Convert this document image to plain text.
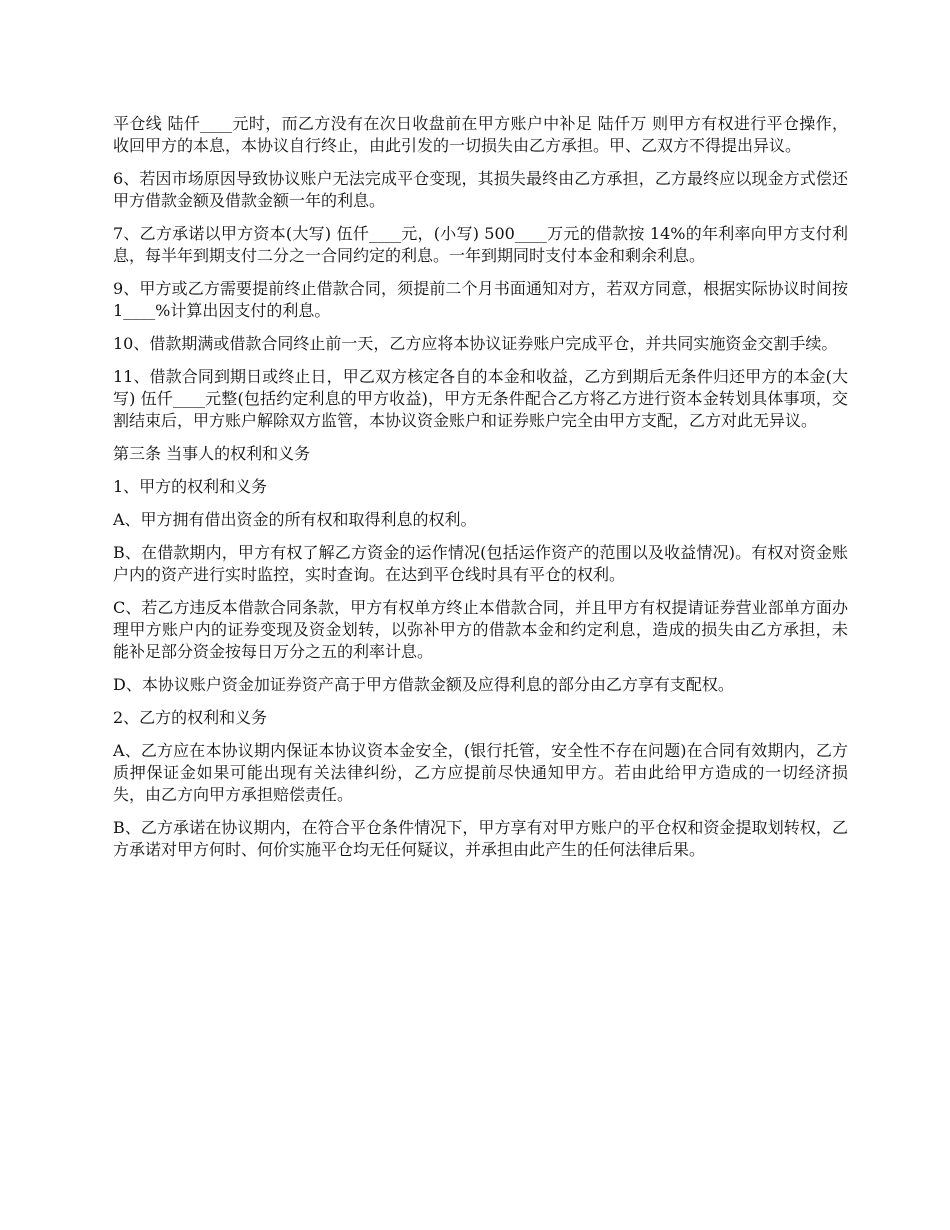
平仓线 陆仟____元时，而乙方没有在次日收盘前在甲方账户中补足 陆仟万 则甲方有权进行平仓操作，收回甲方的本息，本协议自行终止，由此引发的一切损失由乙方承担。甲、乙双方不得提出异议。

6、若因市场原因导致协议账户无法完成平仓变现，其损失最终由乙方承担，乙方最终应以现金方式偿还甲方借款金额及借款金额一年的利息。

7、乙方承诺以甲方资本(大写) 伍仟____元，(小写) 500____万元的借款按 14%的年利率向甲方支付利息，每半年到期支付二分之一合同约定的利息。一年到期同时支付本金和剩余利息。

9、甲方或乙方需要提前终止借款合同，须提前二个月书面通知对方，若双方同意，根据实际协议时间按 1____%计算出因支付的利息。

10、借款期满或借款合同终止前一天，乙方应将本协议证券账户完成平仓，并共同实施资金交割手续。

11、借款合同到期日或终止日，甲乙双方核定各自的本金和收益，乙方到期后无条件归还甲方的本金(大写) 伍仟____元整(包括约定利息的甲方收益)，甲方无条件配合乙方将乙方进行资本金转划具体事项，交割结束后，甲方账户解除双方监管，本协议资金账户和证券账户完全由甲方支配，乙方对此无异议。

第三条 当事人的权利和义务

1、甲方的权利和义务

A、甲方拥有借出资金的所有权和取得利息的权利。

B、在借款期内，甲方有权了解乙方资金的运作情况(包括运作资产的范围以及收益情况)。有权对资金账户内的资产进行实时监控，实时查询。在达到平仓线时具有平仓的权利。

C、若乙方违反本借款合同条款，甲方有权单方终止本借款合同，并且甲方有权提请证券营业部单方面办理甲方账户内的证券变现及资金划转，以弥补甲方的借款本金和约定利息，造成的损失由乙方承担，未能补足部分资金按每日万分之五的利率计息。

D、本协议账户资金加证券资产高于甲方借款金额及应得利息的部分由乙方享有支配权。

2、乙方的权利和义务

A、乙方应在本协议期内保证本协议资本金安全，(银行托管，安全性不存在问题)在合同有效期内，乙方质押保证金如果可能出现有关法律纠纷，乙方应提前尽快通知甲方。若由此给甲方造成的一切经济损失，由乙方向甲方承担赔偿责任。

B、乙方承诺在协议期内，在符合平仓条件情况下，甲方享有对甲方账户的平仓权和资金提取划转权，乙方承诺对甲方何时、何价实施平仓均无任何疑议，并承担由此产生的任何法律后果。
